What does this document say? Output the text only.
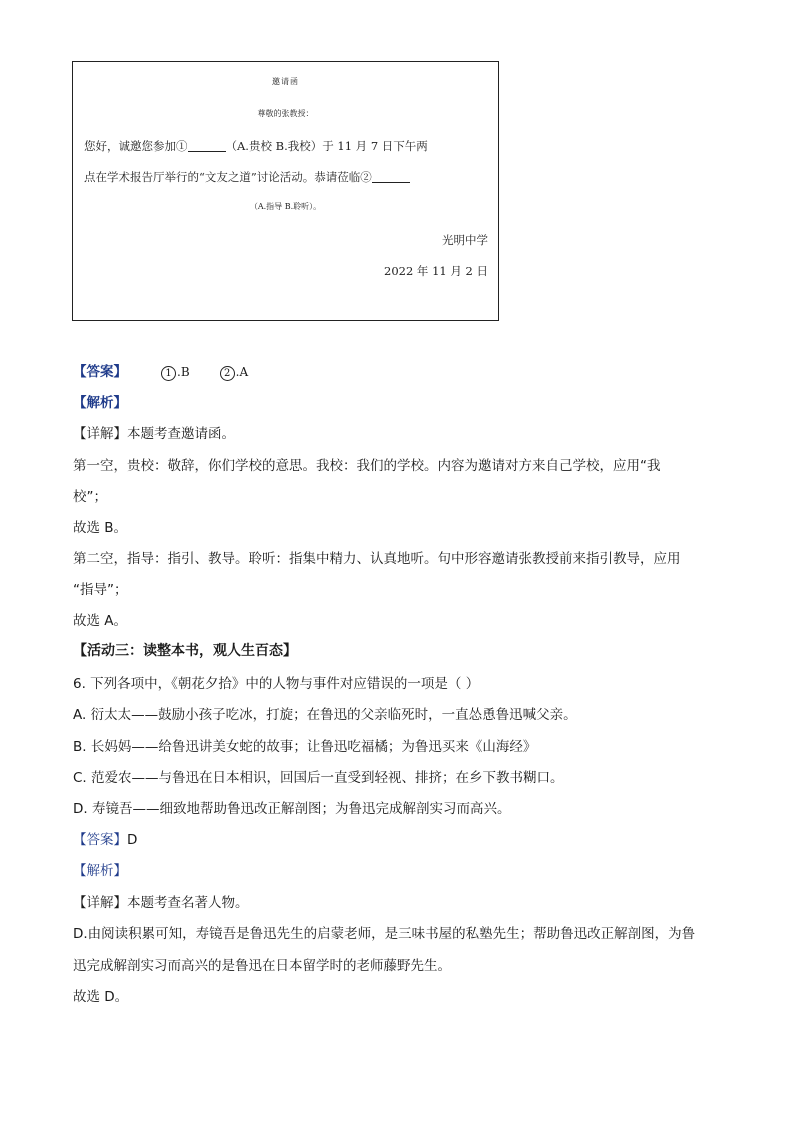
邀请函
尊敬的张教授：
您好，诚邀您参加①	（A.贵校 B.我校）于 11 月 7 日下午两
点在学术报告厅举行的“文友之道”讨论活动。恭请莅临②
（A.指导 B.聆听）。
光明中学
2022 年 11 月 2 日
【答案】	1 .B	2 .A
【解析】
【详解】本题考查邀请函。
第一空，贵校：敬辞，你们学校的意思。我校：我们的学校。内容为邀请对方来自己学校，应用“我
校”；
故选 B。
第二空，指导：指引、教导。聆听：指集中精力、认真地听。句中形容邀请张教授前来指引教导，应用
“指导”；
故选 A。
【活动三：读整本书，观人生百态】
6. 下列各项中，《朝花夕拾》中的人物与事件对应错误的一项是（ ）
A. 衍太太——鼓励小孩子吃冰，打旋；在鲁迅的父亲临死时，一直怂恿鲁迅喊父亲。
B. 长妈妈——给鲁迅讲美女蛇的故事；让鲁迅吃福橘；为鲁迅买来《山海经》
C. 范爱农——与鲁迅在日本相识，回国后一直受到轻视、排挤；在乡下教书糊口。
D. 寿镜吾——细致地帮助鲁迅改正解剖图；为鲁迅完成解剖实习而高兴。
【答案】D
【解析】
【详解】本题考查名著人物。
D.由阅读积累可知，寿镜吾是鲁迅先生的启蒙老师，是三味书屋的私塾先生；帮助鲁迅改正解剖图，为鲁
迅完成解剖实习而高兴的是鲁迅在日本留学时的老师藤野先生。
故选 D。
